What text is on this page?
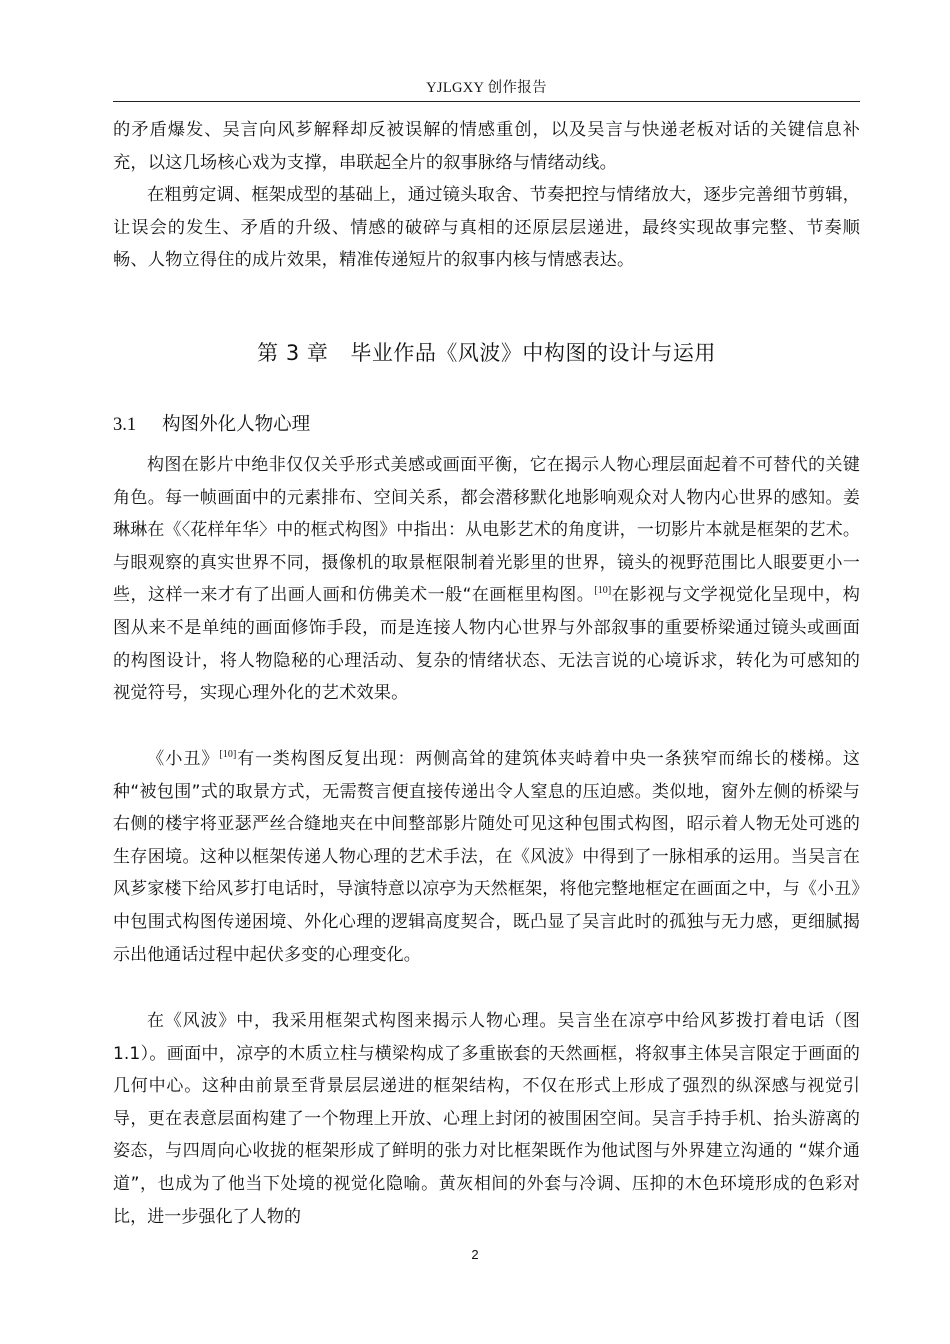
YJLGXY 创作报告

的矛盾爆发、吴言向风芗解释却反被误解的情感重创，以及吴言与快递老板对话的关键信息补充，以这几场核心戏为支撑，串联起全片的叙事脉络与情绪动线。

在粗剪定调、框架成型的基础上，通过镜头取舍、节奏把控与情绪放大，逐步完善细节剪辑，让误会的发生、矛盾的升级、情感的破碎与真相的还原层层递进，最终实现故事完整、节奏顺畅、人物立得住的成片效果，精准传递短片的叙事内核与情感表达。

第 3 章 毕业作品《风波》中构图的设计与运用
3.1 构图外化人物心理

构图在影片中绝非仅仅关乎形式美感或画面平衡，它在揭示人物心理层面起着不可替代的关键角色。每一帧画面中的元素排布、空间关系，都会潜移默化地影响观众对人物内心世界的感知。姜琳琳在《〈花样年华〉中的框式构图》中指出：从电影艺术的角度讲，一切影片本就是框架的艺术。与眼观察的真实世界不同，摄像机的取景框限制着光影里的世界，镜头的视野范围比人眼要更小一些，这样一来才有了出画人画和仿佛美术一般“在画框里构图。[10]在影视与文学视觉化呈现中，构图从来不是单纯的画面修饰手段，而是连接人物内心世界与外部叙事的重要桥梁通过镜头或画面的构图设计，将人物隐秘的心理活动、复杂的情绪状态、无法言说的心境诉求，转化为可感知的视觉符号，实现心理外化的艺术效果。

《小丑》[10]有一类构图反复出现：两侧高耸的建筑体夹峙着中央一条狭窄而绵长的楼梯。这种“被包围”式的取景方式，无需赘言便直接传递出令人窒息的压迫感。类似地，窗外左侧的桥梁与右侧的楼宇将亚瑟严丝合缝地夹在中间整部影片随处可见这种包围式构图，昭示着人物无处可逃的生存困境。这种以框架传递人物心理的艺术手法，在《风波》中得到了一脉相承的运用。当吴言在风芗家楼下给风芗打电话时，导演特意以凉亭为天然框架，将他完整地框定在画面之中，与《小丑》中包围式构图传递困境、外化心理的逻辑高度契合，既凸显了吴言此时的孤独与无力感，更细腻揭示出他通话过程中起伏多变的心理变化。

在《风波》中，我采用框架式构图来揭示人物心理。吴言坐在凉亭中给风芗拨打着电话（图 1.1）。画面中，凉亭的木质立柱与横梁构成了多重嵌套的天然画框，将叙事主体吴言限定于画面的几何中心。这种由前景至背景层层递进的框架结构，不仅在形式上形成了强烈的纵深感与视觉引导，更在表意层面构建了一个物理上开放、心理上封闭的被围困空间。吴言手持手机、抬头游离的姿态，与四周向心收拢的框架形成了鲜明的张力对比框架既作为他试图与外界建立沟通的 “媒介通道”，也成为了他当下处境的视觉化隐喻。黄灰相间的外套与冷调、压抑的木色环境形成的色彩对比，进一步强化了人物的

2
